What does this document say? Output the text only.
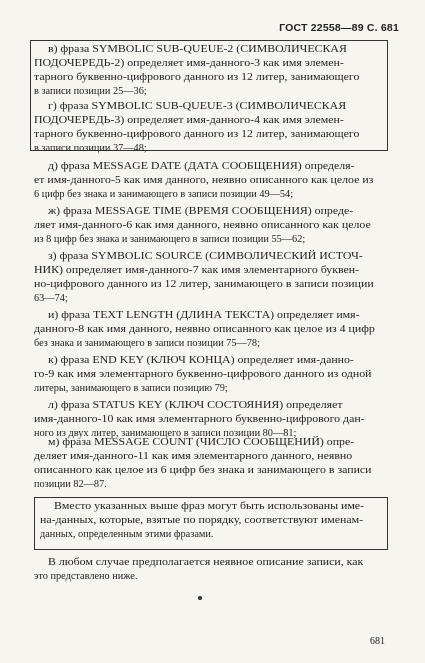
ГОСТ 22558—89 С. 681
в) фраза SYMBOLIC SUB-QUEUE-2 (СИМВОЛИЧЕСКАЯ
ПОДОЧЕРЕДЬ-2) определяет имя-данного-3 как имя элемен-
тарного буквенно-цифрового данного из 12 литер, занимающего
в записи позиции 25—36;
г) фраза SYMBOLIC SUB-QUEUE-3 (СИМВОЛИЧЕСКАЯ
ПОДОЧЕРЕДЬ-3) определяет имя-данного-4 как имя элемен-
тарного буквенно-цифрового данного из 12 литер, занимающего
в записи позиции 37—48;
д) фраза MESSAGE DATE (ДАТА СООБЩЕНИЯ) определя-
ет имя-данного-5 как имя данного, неявно описанного как целое из
6 цифр без знака и занимающего в записи позиции 49—54;
ж) фраза MESSAGE TIME (ВРЕМЯ СООБЩЕНИЯ) опреде-
ляет имя-данного-6 как имя данного, неявно описанного как целое
из 8 цифр без знака и занимающего в записи позиции 55—62;
з) фраза SYMBOLIC SOURCE (СИМВОЛИЧЕСКИЙ ИСТОЧ-
НИК) определяет имя-данного-7 как имя элементарного буквен-
но-цифрового данного из 12 литер, занимающего в записи позиции
63—74;
и) фраза TEXT LENGTH (ДЛИНА ТЕКСТА) определяет имя-
данного-8 как имя данного, неявно описанного как целое из 4 цифр
без знака и занимающего в записи позиции 75—78;
к) фраза END KEY (КЛЮЧ КОНЦА) определяет имя-данно-
го-9 как имя элементарного буквенно-цифрового данного из одной
литеры, занимающего в записи позицию 79;
л) фраза STATUS KEY (КЛЮЧ СОСТОЯНИЯ) определяет
имя-данного-10 как имя элементарного буквенно-цифрового дан-
ного из двух литер, занимающего в записи позиции 80—81;
м) фраза MESSAGE COUNT (ЧИСЛО СООБЩЕНИЙ) опре-
деляет имя-данного-11 как имя элементарного данного, неявно
описанного как целое из 6 цифр без знака и занимающего в записи
позиции 82—87.
Вместо указанных выше фраз могут быть использованы име-
на-данных, которые, взятые по порядку, соответствуют именам-
данных, определенным этими фразами.
В любом случае предполагается неявное описание записи, как
это представлено ниже.
681
